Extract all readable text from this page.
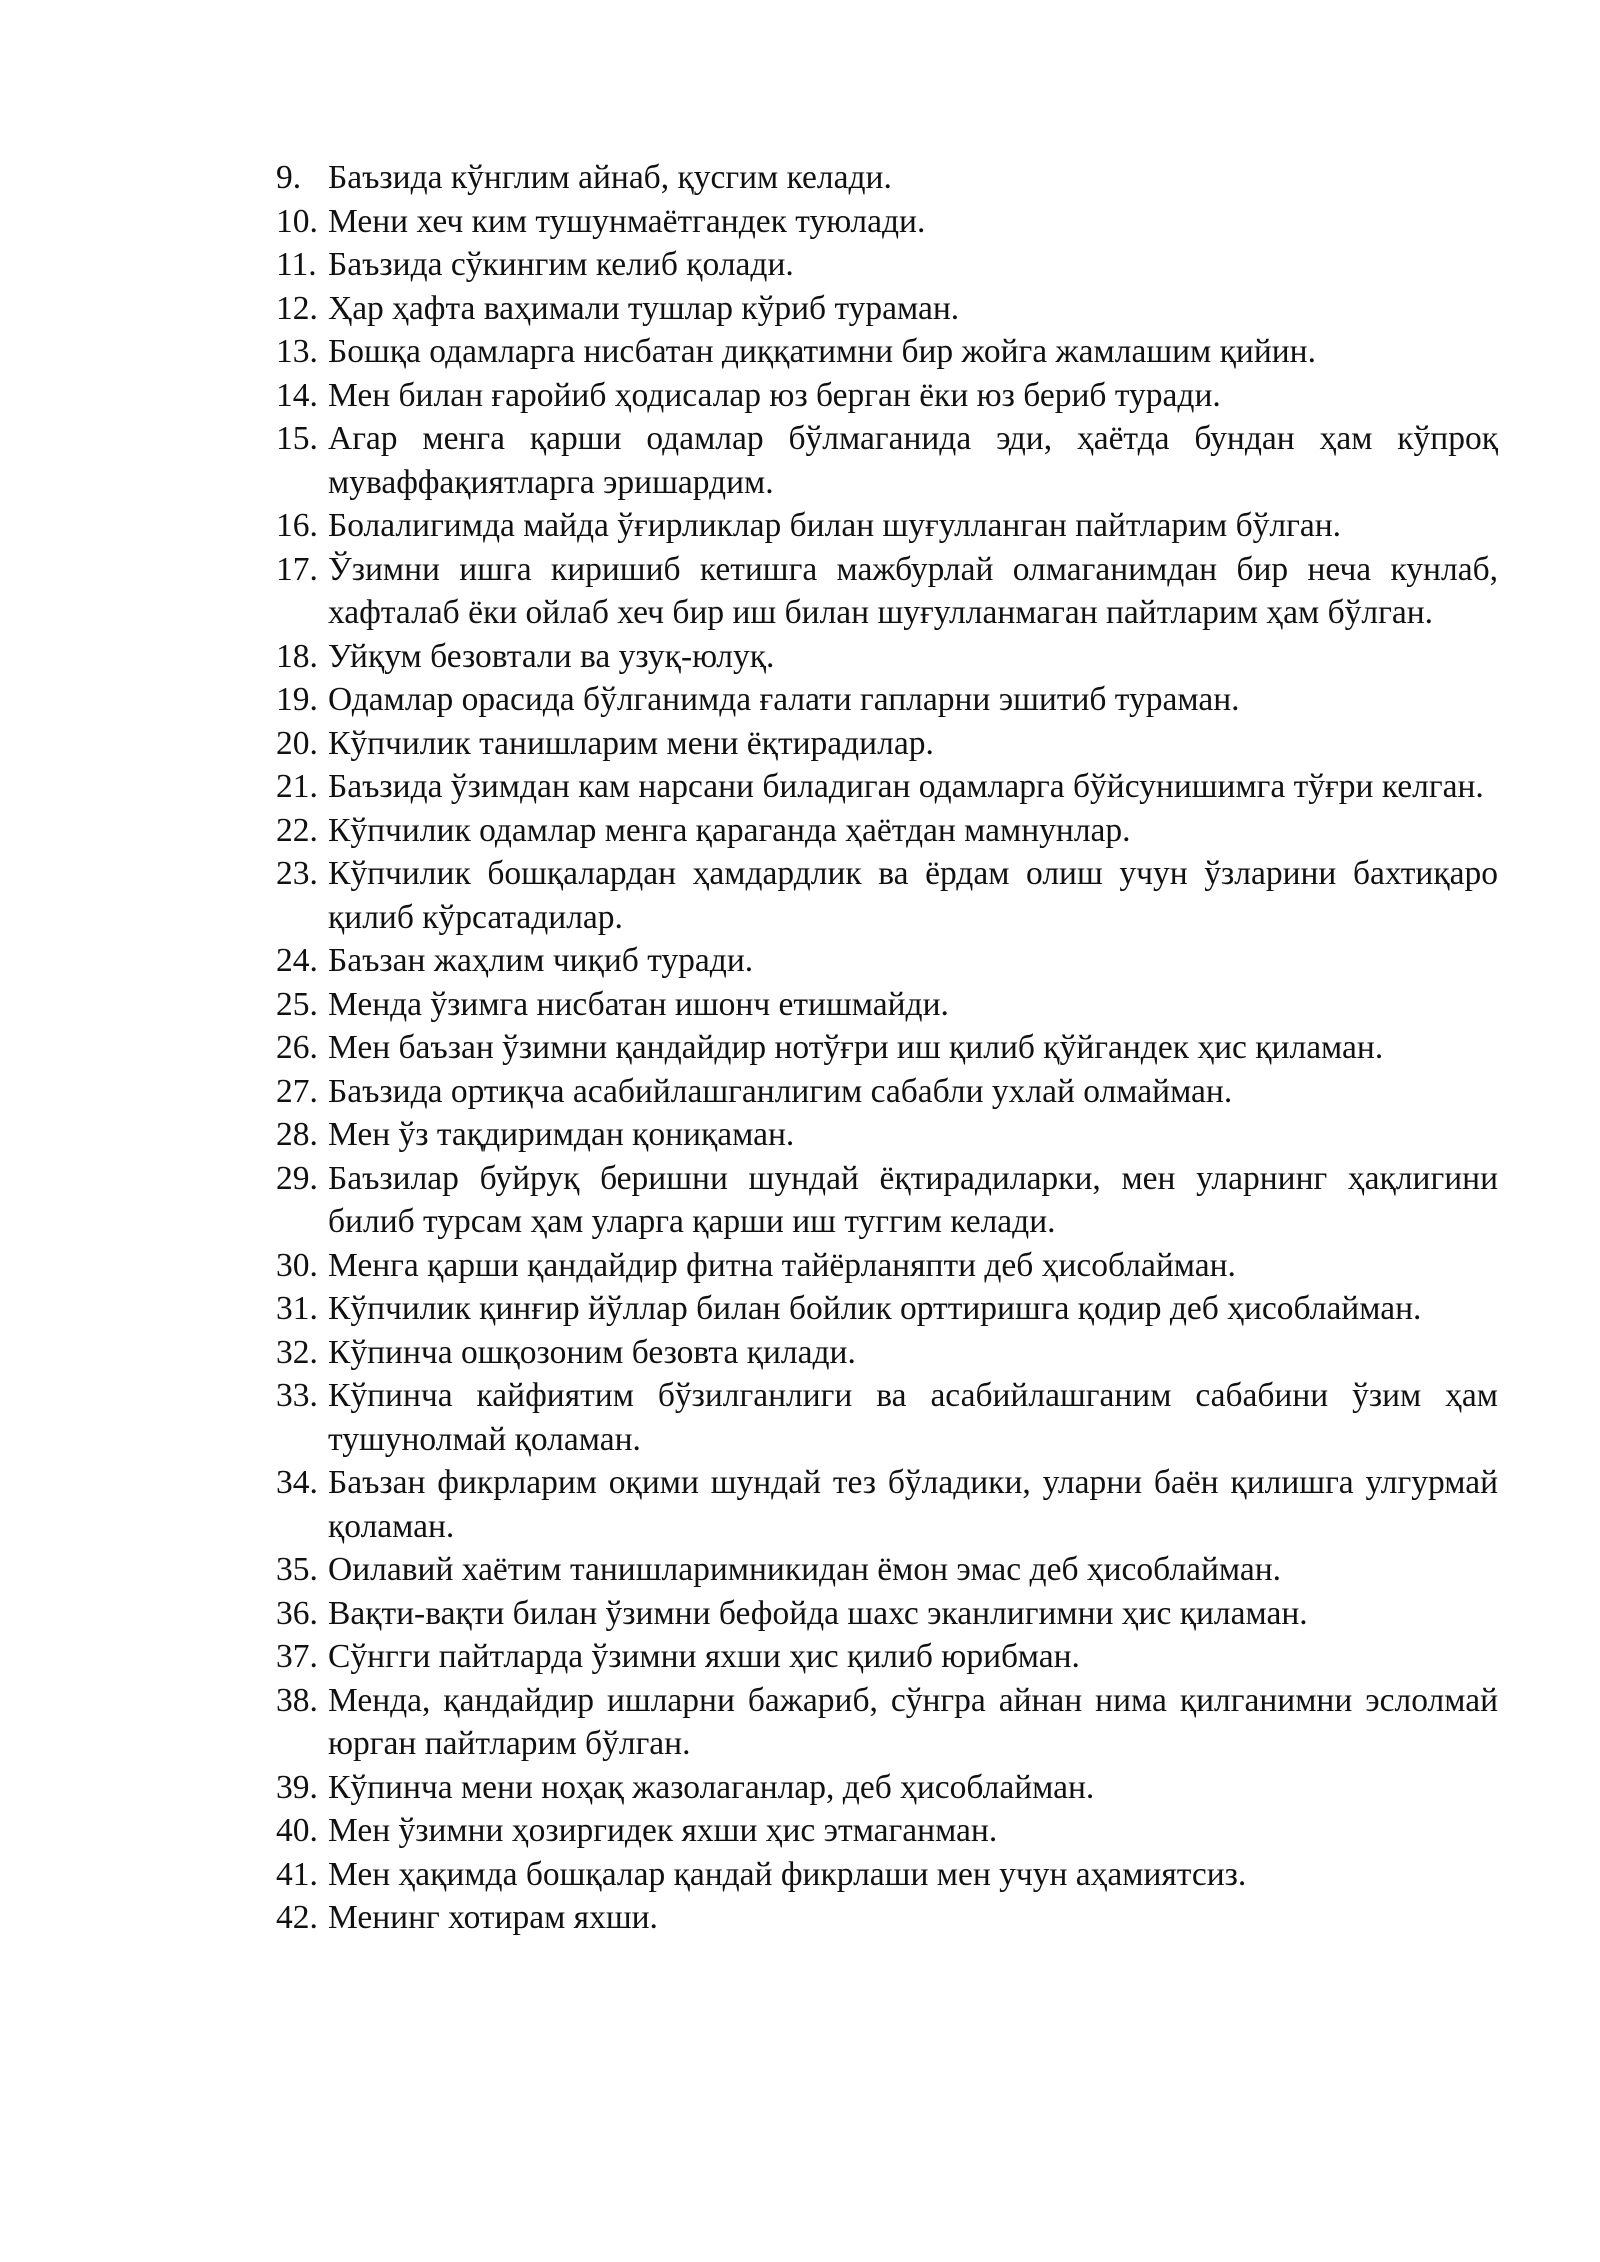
9. Баъзида кўнглим айнаб, қусгим келади.
10. Мени хеч ким тушунмаётгандек туюлади.
11. Баъзида сўкингим келиб қолади.
12. Ҳар ҳафта ваҳимали тушлар кўриб тураман.
13. Бошқа одамларга нисбатан диққатимни бир жойга жамлашим қийин.
14. Мен билан ғаройиб ҳодисалар юз берган ёки юз бериб туради.
15. Агар менга қарши одамлар бўлмаганида эди, ҳаётда бундан ҳам кўпроқ муваффақиятларга эришардим.
16. Болалигимда майда ўғирликлар билан шуғулланган пайтларим бўлган.
17. Ўзимни ишга киришиб кетишга мажбурлай олмаганимдан бир неча кунлаб, хафталаб ёки ойлаб хеч бир иш билан шуғулланмаган пайтларим ҳам бўлган.
18. Уйқум безовтали ва узуқ-юлуқ.
19. Одамлар орасида бўлганимда ғалати гапларни эшитиб тураман.
20. Кўпчилик танишларим мени ёқтирадилар.
21. Баъзида ўзимдан кам нарсани биладиган одамларга бўйсунишимга тўғри келган.
22. Кўпчилик одамлар менга қараганда ҳаётдан мамнунлар.
23. Кўпчилик бошқалардан ҳамдардлик ва ёрдам олиш учун ўзларини бахтиқаро қилиб кўрсатадилар.
24. Баъзан жаҳлим чиқиб туради.
25. Менда ўзимга нисбатан ишонч етишмайди.
26. Мен баъзан ўзимни қандайдир нотўғри иш қилиб қўйгандек ҳис қиламан.
27. Баъзида ортиқча асабийлашганлигим сабабли ухлай олмайман.
28. Мен ўз тақдиримдан қониқаман.
29. Баъзилар буйруқ беришни шундай ёқтирадиларки, мен уларнинг ҳақлигини билиб турсам ҳам уларга қарши иш туггим келади.
30. Менга қарши қандайдир фитна тайёрланяпти деб ҳисоблайман.
31. Кўпчилик қинғир йўллар билан бойлик орттиришга қодир деб ҳисоблайман.
32. Кўпинча ошқозоним безовта қилади.
33. Кўпинча кайфиятим бўзилганлиги ва асабийлашганим сабабини ўзим ҳам тушунолмай қоламан.
34. Баъзан фикрларим оқими шундай тез бўладики, уларни баён қилишга улгурмай қоламан.
35. Оилавий хаётим танишларимникидан ёмон эмас деб ҳисоблайман.
36. Вақти-вақти билан ўзимни бефойда шахс эканлигимни ҳис қиламан.
37. Сўнгги пайтларда ўзимни яхши ҳис қилиб юрибман.
38. Менда, қандайдир ишларни бажариб, сўнгра айнан нима қилганимни эслолмай юрган пайтларим бўлган.
39. Кўпинча мени ноҳақ жазолаганлар, деб ҳисоблайман.
40. Мен ўзимни ҳозиргидек яхши ҳис этмаганман.
41. Мен ҳақимда бошқалар қандай фикрлаши мен учун аҳамиятсиз.
42. Менинг хотирам яхши.
